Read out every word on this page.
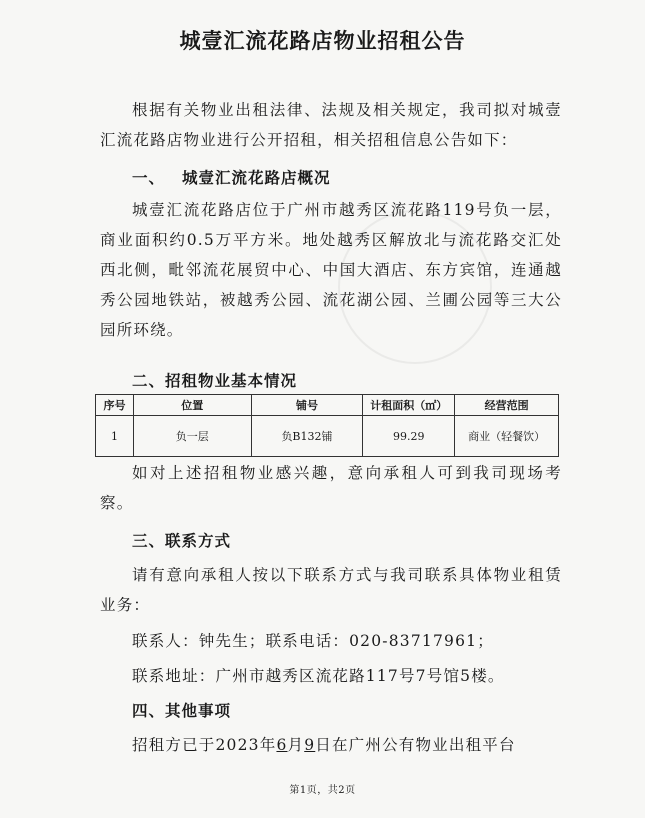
城壹汇流花路店物业招租公告
根据有关物业出租法律、法规及相关规定，我司拟对城壹汇流花路店物业进行公开招租，相关招租信息公告如下：
一、 城壹汇流花路店概况
城壹汇流花路店位于广州市越秀区流花路119号负一层，商业面积约0.5万平方米。地处越秀区解放北与流花路交汇处西北侧，毗邻流花展贸中心、中国大酒店、东方宾馆，连通越秀公园地铁站，被越秀公园、流花湖公园、兰圃公园等三大公园所环绕。
二、招租物业基本情况
序号	位置	铺号	计租面积（㎡）	经营范围
1	负一层	负B132铺	99.29	商业（轻餐饮）
如对上述招租物业感兴趣，意向承租人可到我司现场考察。
三、联系方式
请有意向承租人按以下联系方式与我司联系具体物业租赁业务：
联系人：钟先生；联系电话：020-83717961；
联系地址：广州市越秀区流花路117号7号馆5楼。
四、其他事项
招租方已于2023年6月9日在广州公有物业出租平台
第1页，共2页
